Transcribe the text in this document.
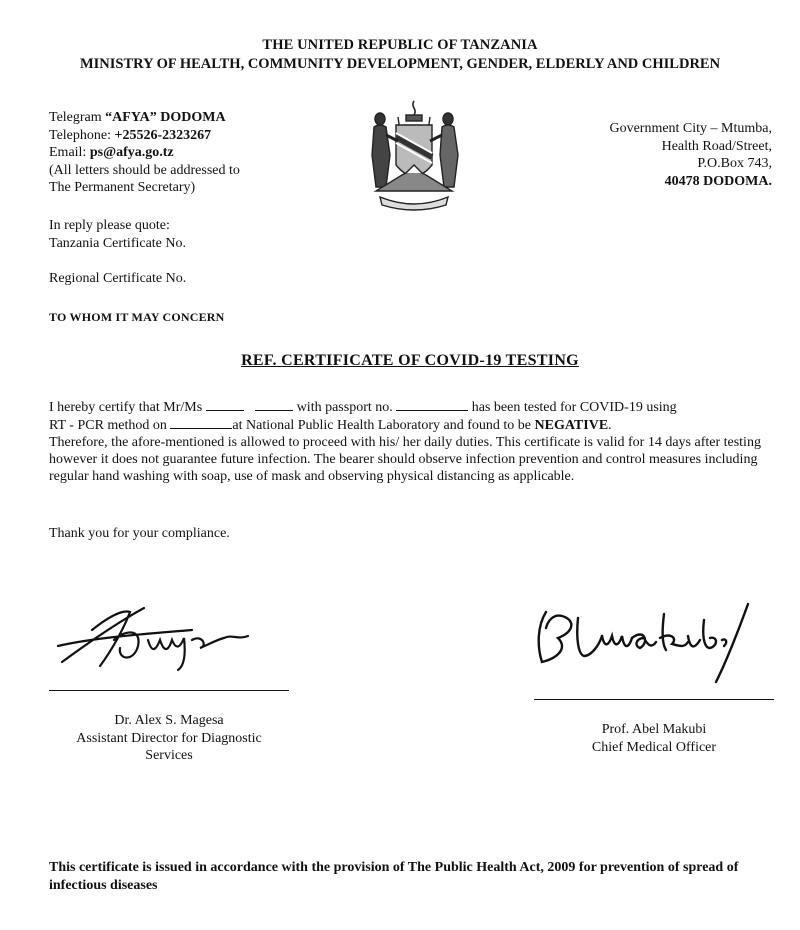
THE UNITED REPUBLIC OF TANZANIA
MINISTRY OF HEALTH, COMMUNITY DEVELOPMENT, GENDER, ELDERLY AND CHILDREN
Telegram “AFYA” DODOMA
Telephone: +25526-2323267
Email: ps@afya.go.tz
(All letters should be addressed to
The Permanent Secretary)
Government City – Mtumba,
Health Road/Street,
P.O.Box 743,
40478 DODOMA.
In reply please quote:
Tanzania Certificate No.
Regional Certificate No.
TO WHOM IT MAY CONCERN
REF. CERTIFICATE OF COVID-19 TESTING
I hereby certify that Mr/Ms	with passport no.	has been tested for COVID-19 using
RT - PCR method on	at National Public Health Laboratory and found to be NEGATIVE.
Therefore, the afore-mentioned is allowed to proceed with his/ her daily duties. This certificate is valid for 14 days after testing however it does not guarantee future infection. The bearer should observe infection prevention and control measures including regular hand washing with soap, use of mask and observing physical distancing as applicable.
Thank you for your compliance.
Dr. Alex S. Magesa
Assistant Director for Diagnostic
Services
Prof. Abel Makubi
Chief Medical Officer
This certificate is issued in accordance with the provision of The Public Health Act, 2009 for prevention of spread of infectious diseases
